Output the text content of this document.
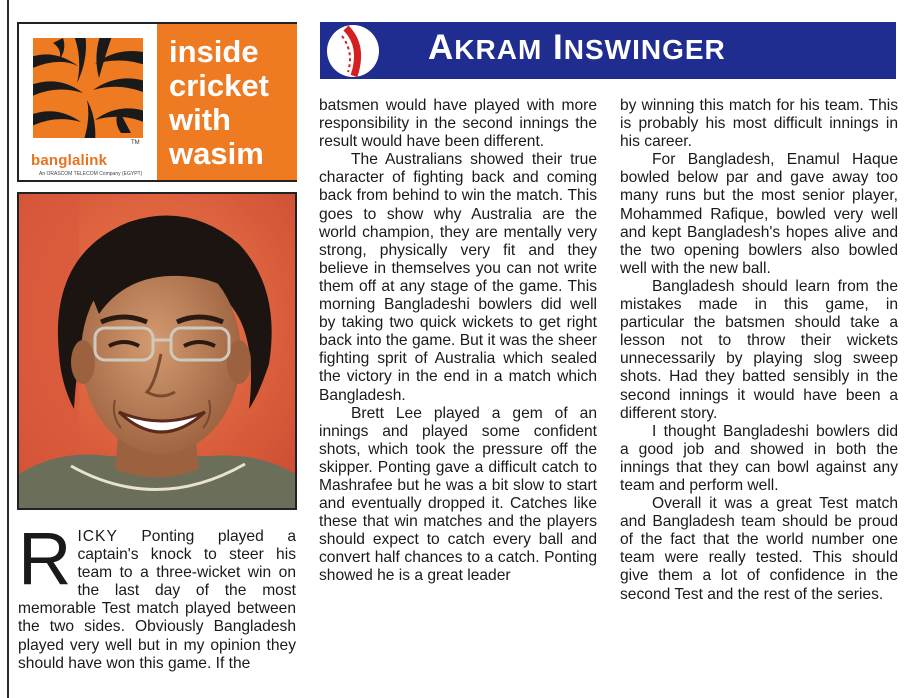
TM
banglalink
An ORASCOM TELECOM Company (EGYPT)
inside
cricket
with
wasim
AKRAM INSWINGER

RICKY Ponting played a captain's knock to steer his team to a three-wicket win on the last day of the most memorable Test match played between the two sides. Obviously Bangladesh played very well but in my opinion they should have won this game. If the

batsmen would have played with more responsibility in the second innings the result would have been different.

The Australians showed their true character of fighting back and coming back from behind to win the match. This goes to show why Australia are the world champion, they are mentally very strong, physically very fit and they believe in themselves you can not write them off at any stage of the game. This morning Bangladeshi bowlers did well by taking two quick wickets to get right back into the game. But it was the sheer fighting sprit of Australia which sealed the victory in the end in a match which Bangladesh.

Brett Lee played a gem of an innings and played some confident shots, which took the pressure off the skipper. Ponting gave a difficult catch to Mashrafee but he was a bit slow to start and eventually dropped it. Catches like these that win matches and the players should expect to catch every ball and convert half chances to a catch. Ponting showed he is a great leader

by winning this match for his team. This is probably his most difficult innings in his career.

For Bangladesh, Enamul Haque bowled below par and gave away too many runs but the most senior player, Mohammed Rafique, bowled very well and kept Bangladesh's hopes alive and the two opening bowlers also bowled well with the new ball.

Bangladesh should learn from the mistakes made in this game, in particular the batsmen should take a lesson not to throw their wickets unnecessarily by playing slog sweep shots. Had they batted sensibly in the second innings it would have been a different story.

I thought Bangladeshi bowlers did a good job and showed in both the innings that they can bowl against any team and perform well.

Overall it was a great Test match and Bangladesh team should be proud of the fact that the world number one team were really tested. This should give them a lot of confidence in the second Test and the rest of the series.
